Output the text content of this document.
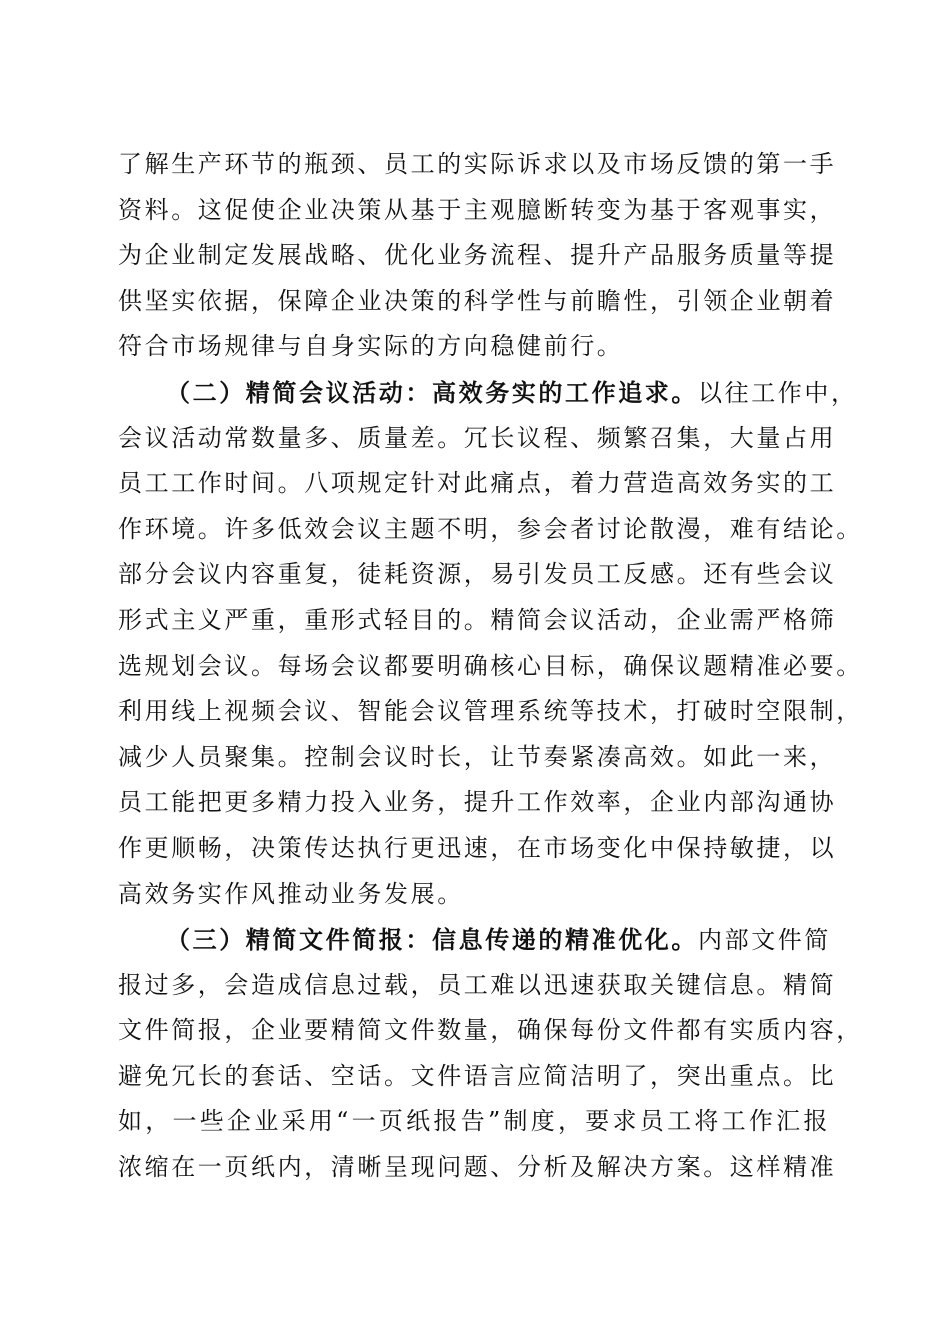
了解生产环节的瓶颈、员工的实际诉求以及市场反馈的第一手
资料。这促使企业决策从基于主观臆断转变为基于客观事实，
为企业制定发展战略、优化业务流程、提升产品服务质量等提
供坚实依据，保障企业决策的科学性与前瞻性，引领企业朝着
符合市场规律与自身实际的方向稳健前行。
（二）精简会议活动：高效务实的工作追求。以往工作中，
会议活动常数量多、质量差。冗长议程、频繁召集，大量占用
员工工作时间。八项规定针对此痛点，着力营造高效务实的工
作环境。许多低效会议主题不明，参会者讨论散漫，难有结论。
部分会议内容重复，徒耗资源，易引发员工反感。还有些会议
形式主义严重，重形式轻目的。精简会议活动，企业需严格筛
选规划会议。每场会议都要明确核心目标，确保议题精准必要。
利用线上视频会议、智能会议管理系统等技术，打破时空限制，
减少人员聚集。控制会议时长，让节奏紧凑高效。如此一来，
员工能把更多精力投入业务，提升工作效率，企业内部沟通协
作更顺畅，决策传达执行更迅速，在市场变化中保持敏捷，以
高效务实作风推动业务发展。
（三）精简文件简报：信息传递的精准优化。内部文件简
报过多，会造成信息过载，员工难以迅速获取关键信息。精简
文件简报，企业要精简文件数量，确保每份文件都有实质内容，
避免冗长的套话、空话。文件语言应简洁明了，突出重点。比
如，一些企业采用“一页纸报告”制度，要求员工将工作汇报
浓缩在一页纸内，清晰呈现问题、分析及解决方案。这样精准
